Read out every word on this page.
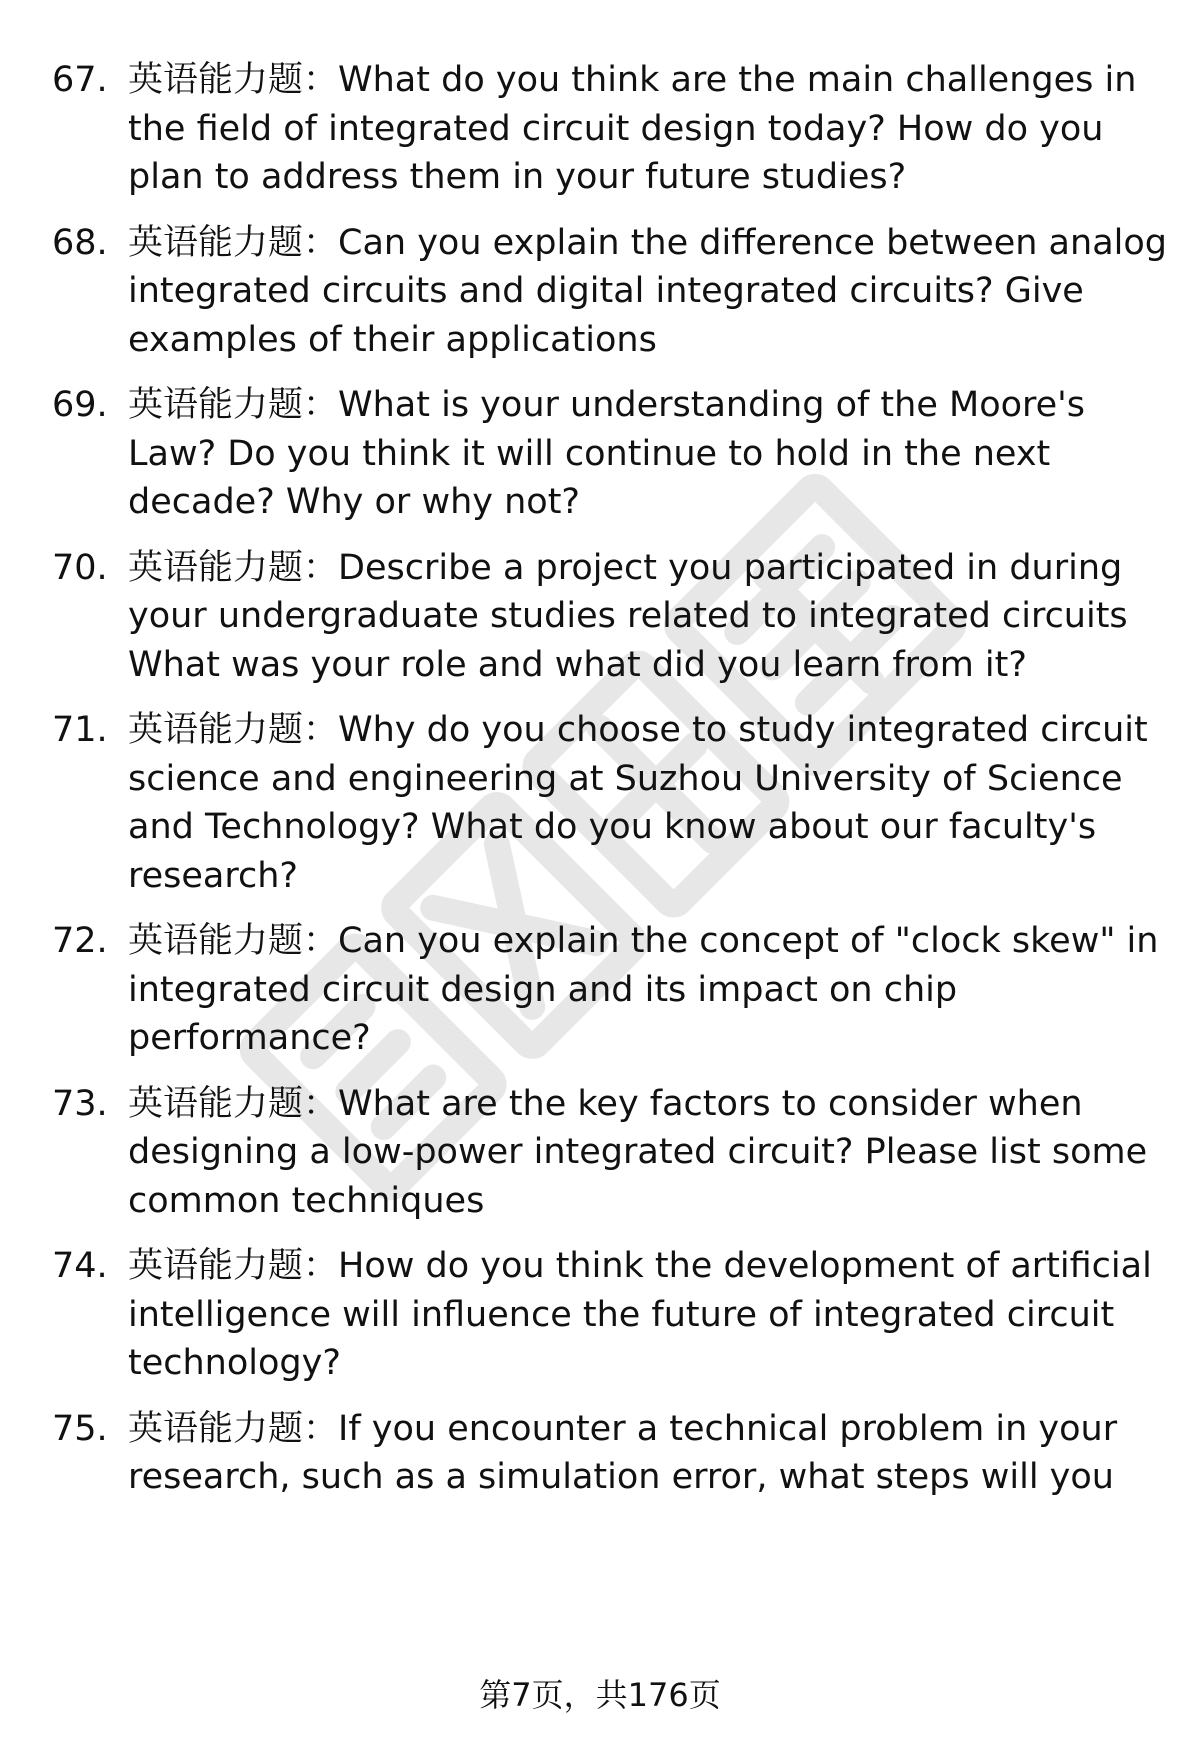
67. 英语能力题：What do you think are the main challenges in the field of integrated circuit design today? How do you plan to address them in your future studies?
68. 英语能力题：Can you explain the difference between analog integrated circuits and digital integrated circuits? Give examples of their applications
69. 英语能力题：What is your understanding of the Moore's Law? Do you think it will continue to hold in the next decade? Why or why not?
70. 英语能力题：Describe a project you participated in during your undergraduate studies related to integrated circuits What was your role and what did you learn from it?
71. 英语能力题：Why do you choose to study integrated circuit science and engineering at Suzhou University of Science and Technology? What do you know about our faculty's research?
72. 英语能力题：Can you explain the concept of "clock skew" in integrated circuit design and its impact on chip performance?
73. 英语能力题：What are the key factors to consider when designing a low-power integrated circuit? Please list some common techniques
74. 英语能力题：How do you think the development of artificial intelligence will influence the future of integrated circuit technology?
75. 英语能力题：If you encounter a technical problem in your research, such as a simulation error, what steps will you
第7页，共176页
